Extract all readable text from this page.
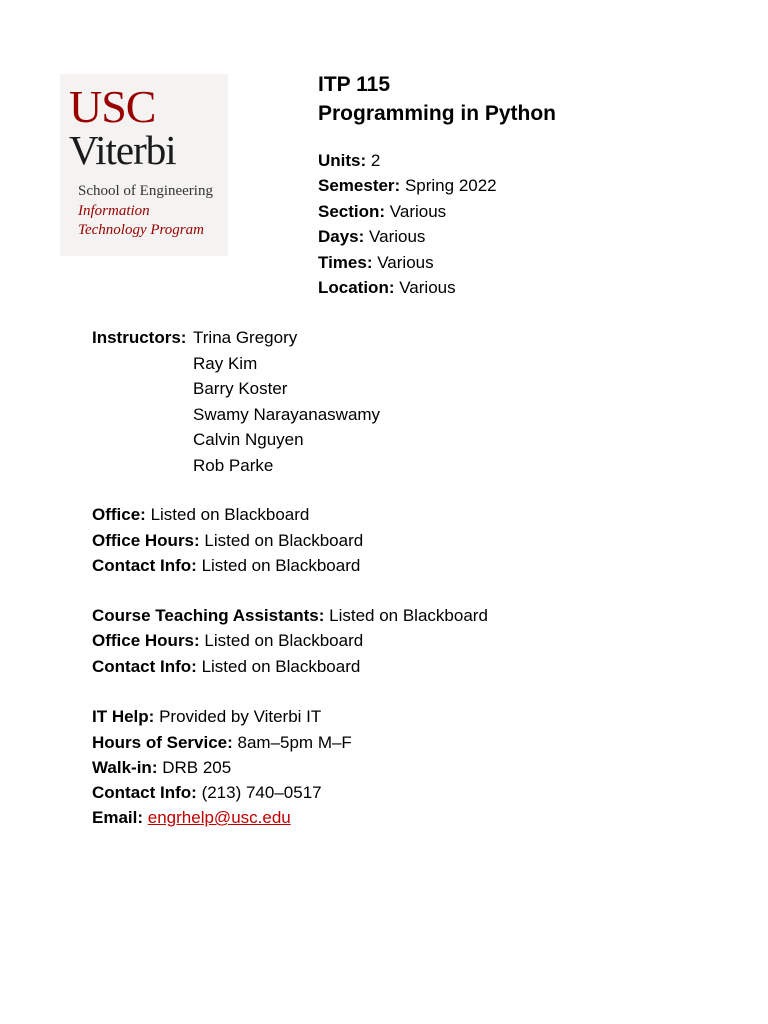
USC
Viterbi
School of Engineering
Information
Technology Program
ITP 115
Programming in Python
Units: 2
Semester: Spring 2022
Section: Various
Days: Various
Times: Various
Location: Various
Instructors: Trina Gregory
Ray Kim
Barry Koster
Swamy Narayanaswamy
Calvin Nguyen
Rob Parke
Office: Listed on Blackboard
Office Hours: Listed on Blackboard
Contact Info: Listed on Blackboard
Course Teaching Assistants: Listed on Blackboard
Office Hours: Listed on Blackboard
Contact Info: Listed on Blackboard
IT Help: Provided by Viterbi IT
Hours of Service: 8am–5pm M–F
Walk-in: DRB 205
Contact Info: (213) 740–0517
Email: engrhelp@usc.edu
